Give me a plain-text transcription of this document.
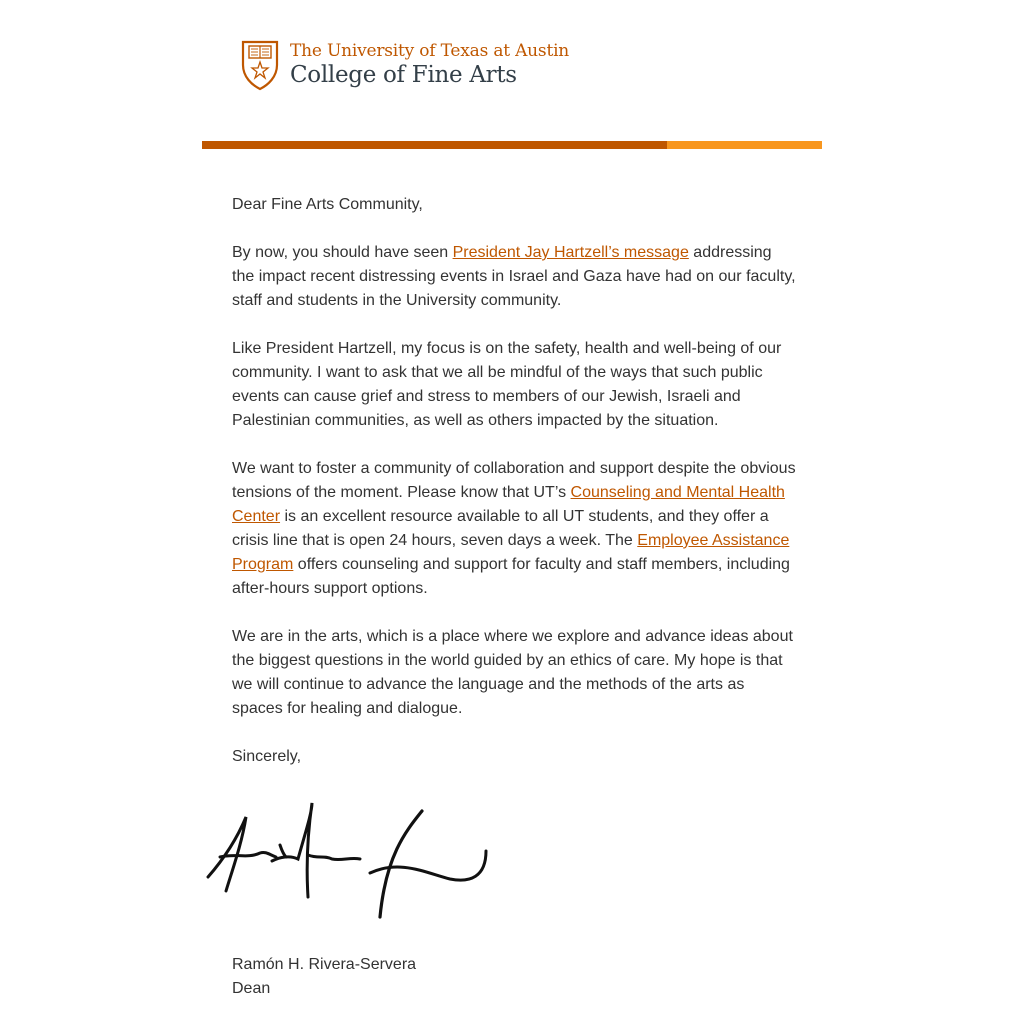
The University of Texas at Austin
College of Fine Arts

Dear Fine Arts Community,

By now, you should have seen President Jay Hartzell’s message addressing the impact recent distressing events in Israel and Gaza have had on our faculty, staff and students in the University community.

Like President Hartzell, my focus is on the safety, health and well-being of our community. I want to ask that we all be mindful of the ways that such public events can cause grief and stress to members of our Jewish, Israeli and Palestinian communities, as well as others impacted by the situation.

We want to foster a community of collaboration and support despite the obvious tensions of the moment. Please know that UT’s Counseling and Mental Health Center is an excellent resource available to all UT students, and they offer a crisis line that is open 24 hours, seven days a week. The Employee Assistance Program offers counseling and support for faculty and staff members, including after-hours support options.

We are in the arts, which is a place where we explore and advance ideas about the biggest questions in the world guided by an ethics of care. My hope is that we will continue to advance the language and the methods of the arts as spaces for healing and dialogue.

Sincerely,

Ramón H. Rivera-Servera
Dean
